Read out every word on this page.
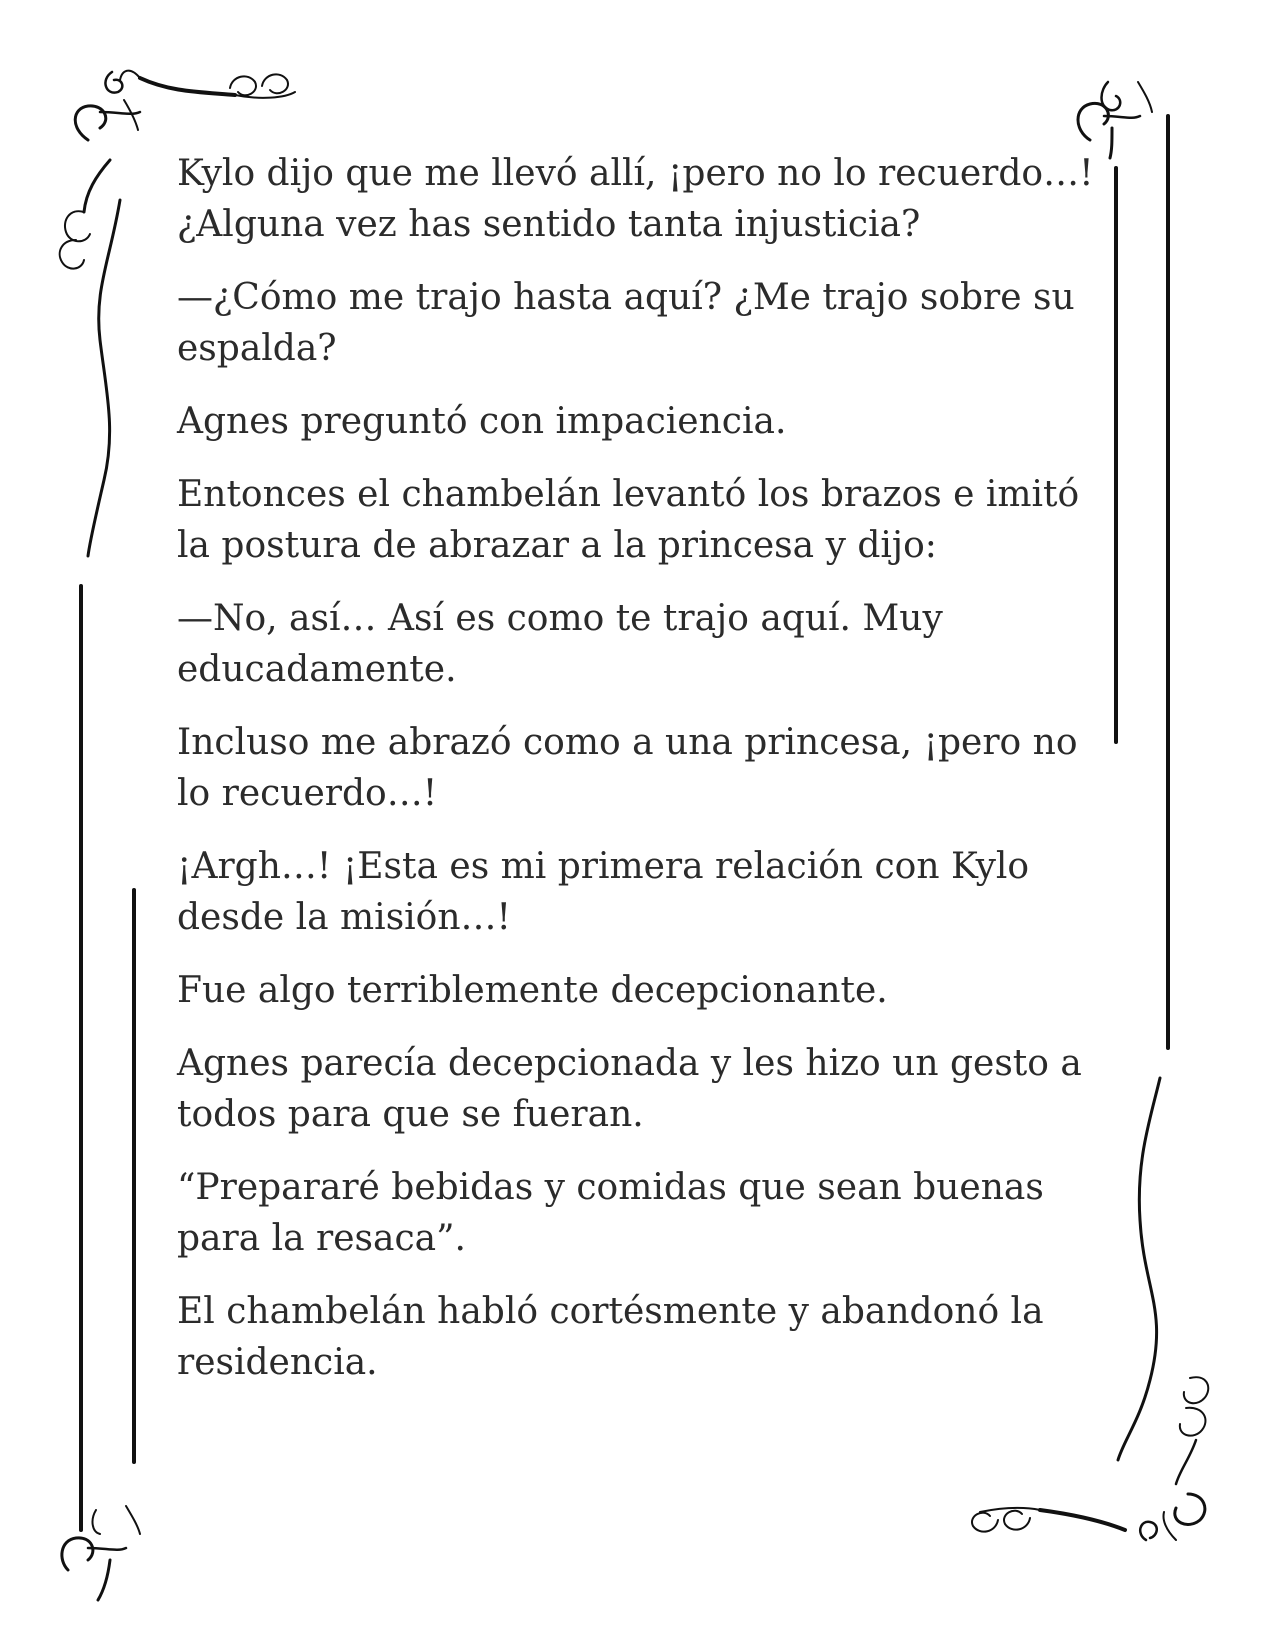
Kylo dijo que me llevó allí, ¡pero no lo recuerdo…! ¿Alguna vez has sentido tanta injusticia?

—¿Cómo me trajo hasta aquí? ¿Me trajo sobre su espalda?

Agnes preguntó con impaciencia.

Entonces el chambelán levantó los brazos e imitó la postura de abrazar a la princesa y dijo:

—No, así… Así es como te trajo aquí. Muy educadamente.

Incluso me abrazó como a una princesa, ¡pero no lo recuerdo…!

¡Argh…! ¡Esta es mi primera relación con Kylo desde la misión…!

Fue algo terriblemente decepcionante.

Agnes parecía decepcionada y les hizo un gesto a todos para que se fueran.

“Prepararé bebidas y comidas que sean buenas para la resaca”.

El chambelán habló cortésmente y abandonó la residencia.
